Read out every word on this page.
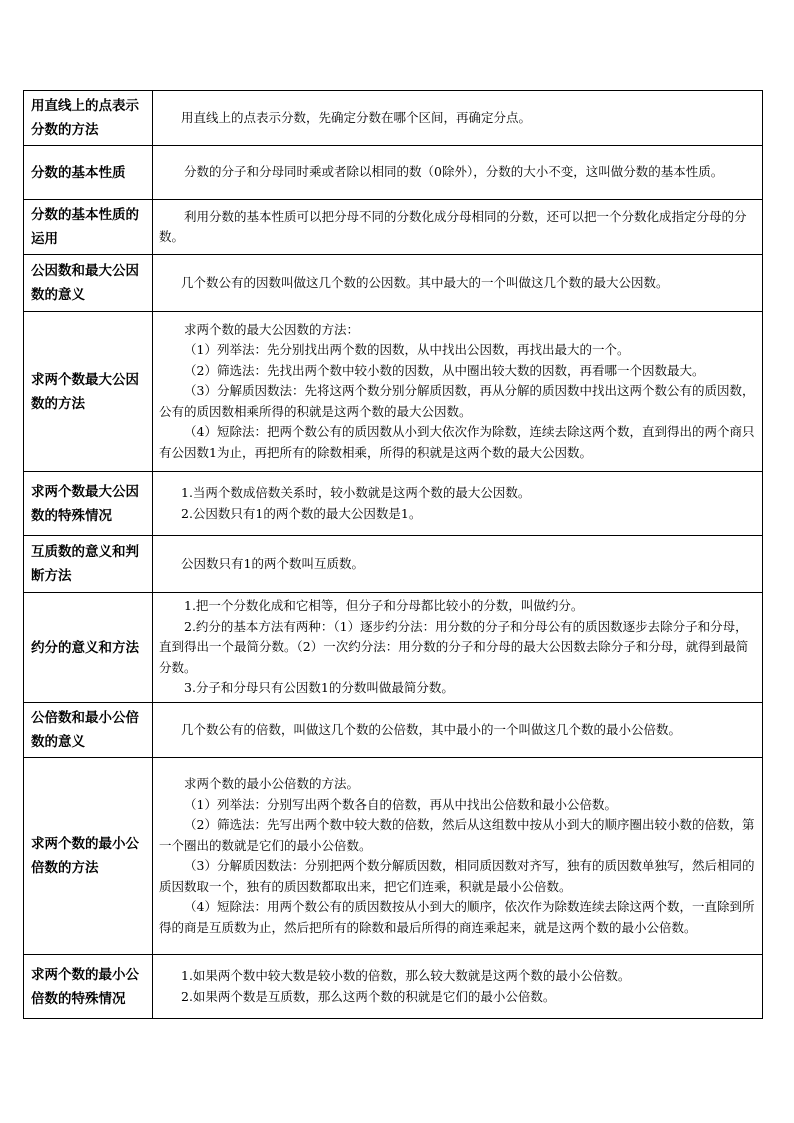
用直线上的点表示分数的方法	用直线上的点表示分数，先确定分数在哪个区间，再确定分点。

分数的基本性质	分数的分子和分母同时乘或者除以相同的数（0除外），分数的大小不变，这叫做分数的基本性质。

分数的基本性质的运用	利用分数的基本性质可以把分母不同的分数化成分母相同的分数，还可以把一个分数化成指定分母的分数。

公因数和最大公因数的意义	几个数公有的因数叫做这几个数的公因数。其中最大的一个叫做这几个数的最大公因数。

求两个数最大公因数的方法	求两个数的最大公因数的方法：

（1）列举法：先分别找出两个数的因数，从中找出公因数，再找出最大的一个。

（2）筛选法：先找出两个数中较小数的因数，从中圈出较大数的因数，再看哪一个因数最大。

（3）分解质因数法：先将这两个数分别分解质因数，再从分解的质因数中找出这两个数公有的质因数，公有的质因数相乘所得的积就是这两个数的最大公因数。

（4）短除法：把两个数公有的质因数从小到大依次作为除数，连续去除这两个数，直到得出的两个商只有公因数1为止，再把所有的除数相乘，所得的积就是这两个数的最大公因数。

求两个数最大公因数的特殊情况	1.当两个数成倍数关系时，较小数就是这两个数的最大公因数。
2.公因数只有1的两个数的最大公因数是1。

互质数的意义和判断方法	公因数只有1的两个数叫互质数。

约分的意义和方法	1.把一个分数化成和它相等，但分子和分母都比较小的分数，叫做约分。

2.约分的基本方法有两种：（1）逐步约分法：用分数的分子和分母公有的质因数逐步去除分子和分母，直到得出一个最简分数。（2）一次约分法：用分数的分子和分母的最大公因数去除分子和分母，就得到最简分数。

3.分子和分母只有公因数1的分数叫做最简分数。

公倍数和最小公倍数的意义	几个数公有的倍数，叫做这几个数的公倍数，其中最小的一个叫做这几个数的最小公倍数。

求两个数的最小公倍数的方法	求两个数的最小公倍数的方法。

（1）列举法：分别写出两个数各自的倍数，再从中找出公倍数和最小公倍数。

（2）筛选法：先写出两个数中较大数的倍数，然后从这组数中按从小到大的顺序圈出较小数的倍数，第一个圈出的数就是它们的最小公倍数。

（3）分解质因数法：分别把两个数分解质因数，相同质因数对齐写，独有的质因数单独写，然后相同的质因数取一个，独有的质因数都取出来，把它们连乘，积就是最小公倍数。

（4）短除法：用两个数公有的质因数按从小到大的顺序，依次作为除数连续去除这两个数，一直除到所得的商是互质数为止，然后把所有的除数和最后所得的商连乘起来，就是这两个数的最小公倍数。

求两个数的最小公倍数的特殊情况	1.如果两个数中较大数是较小数的倍数，那么较大数就是这两个数的最小公倍数。
2.如果两个数是互质数，那么这两个数的积就是它们的最小公倍数。
